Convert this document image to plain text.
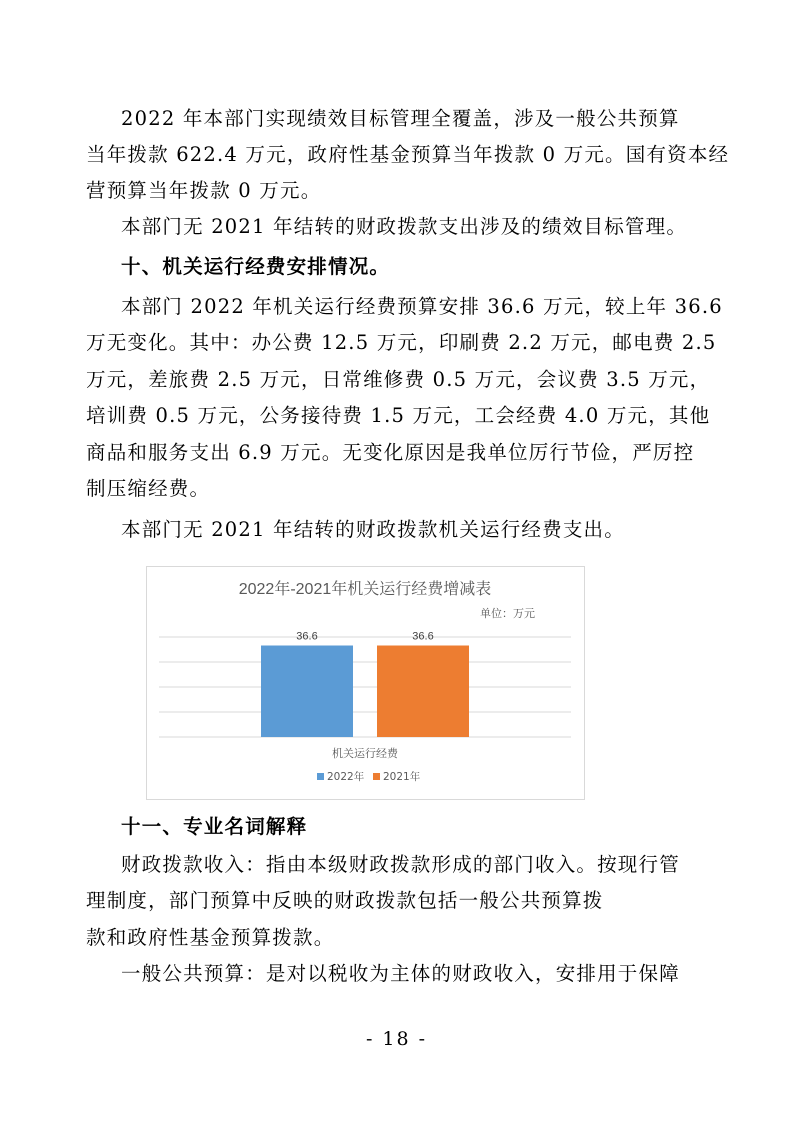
2022 年本部门实现绩效目标管理全覆盖，涉及一般公共预算
当年拨款 622.4 万元，政府性基金预算当年拨款 0 万元。国有资本经
营预算当年拨款 0 万元。
本部门无 2021 年结转的财政拨款支出涉及的绩效目标管理。
十、机关运行经费安排情况。
本部门 2022 年机关运行经费预算安排 36.6 万元，较上年 36.6
万无变化。其中：办公费 12.5 万元，印刷费 2.2 万元，邮电费 2.5
万元，差旅费 2.5 万元，日常维修费 0.5 万元，会议费 3.5 万元，
培训费 0.5 万元，公务接待费 1.5 万元，工会经费 4.0 万元，其他
商品和服务支出 6.9 万元。无变化原因是我单位厉行节俭，严厉控
制压缩经费。
本部门无 2021 年结转的财政拨款机关运行经费支出。
2022年-2021年机关运行经费增减表
单位：万元
36.6	36.6
机关运行经费
2022年 2021年
十一、专业名词解释
财政拨款收入：指由本级财政拨款形成的部门收入。按现行管
理制度，部门预算中反映的财政拨款包括一般公共预算拨
款和政府性基金预算拨款。
一般公共预算：是对以税收为主体的财政收入，安排用于保障
- 18 -
